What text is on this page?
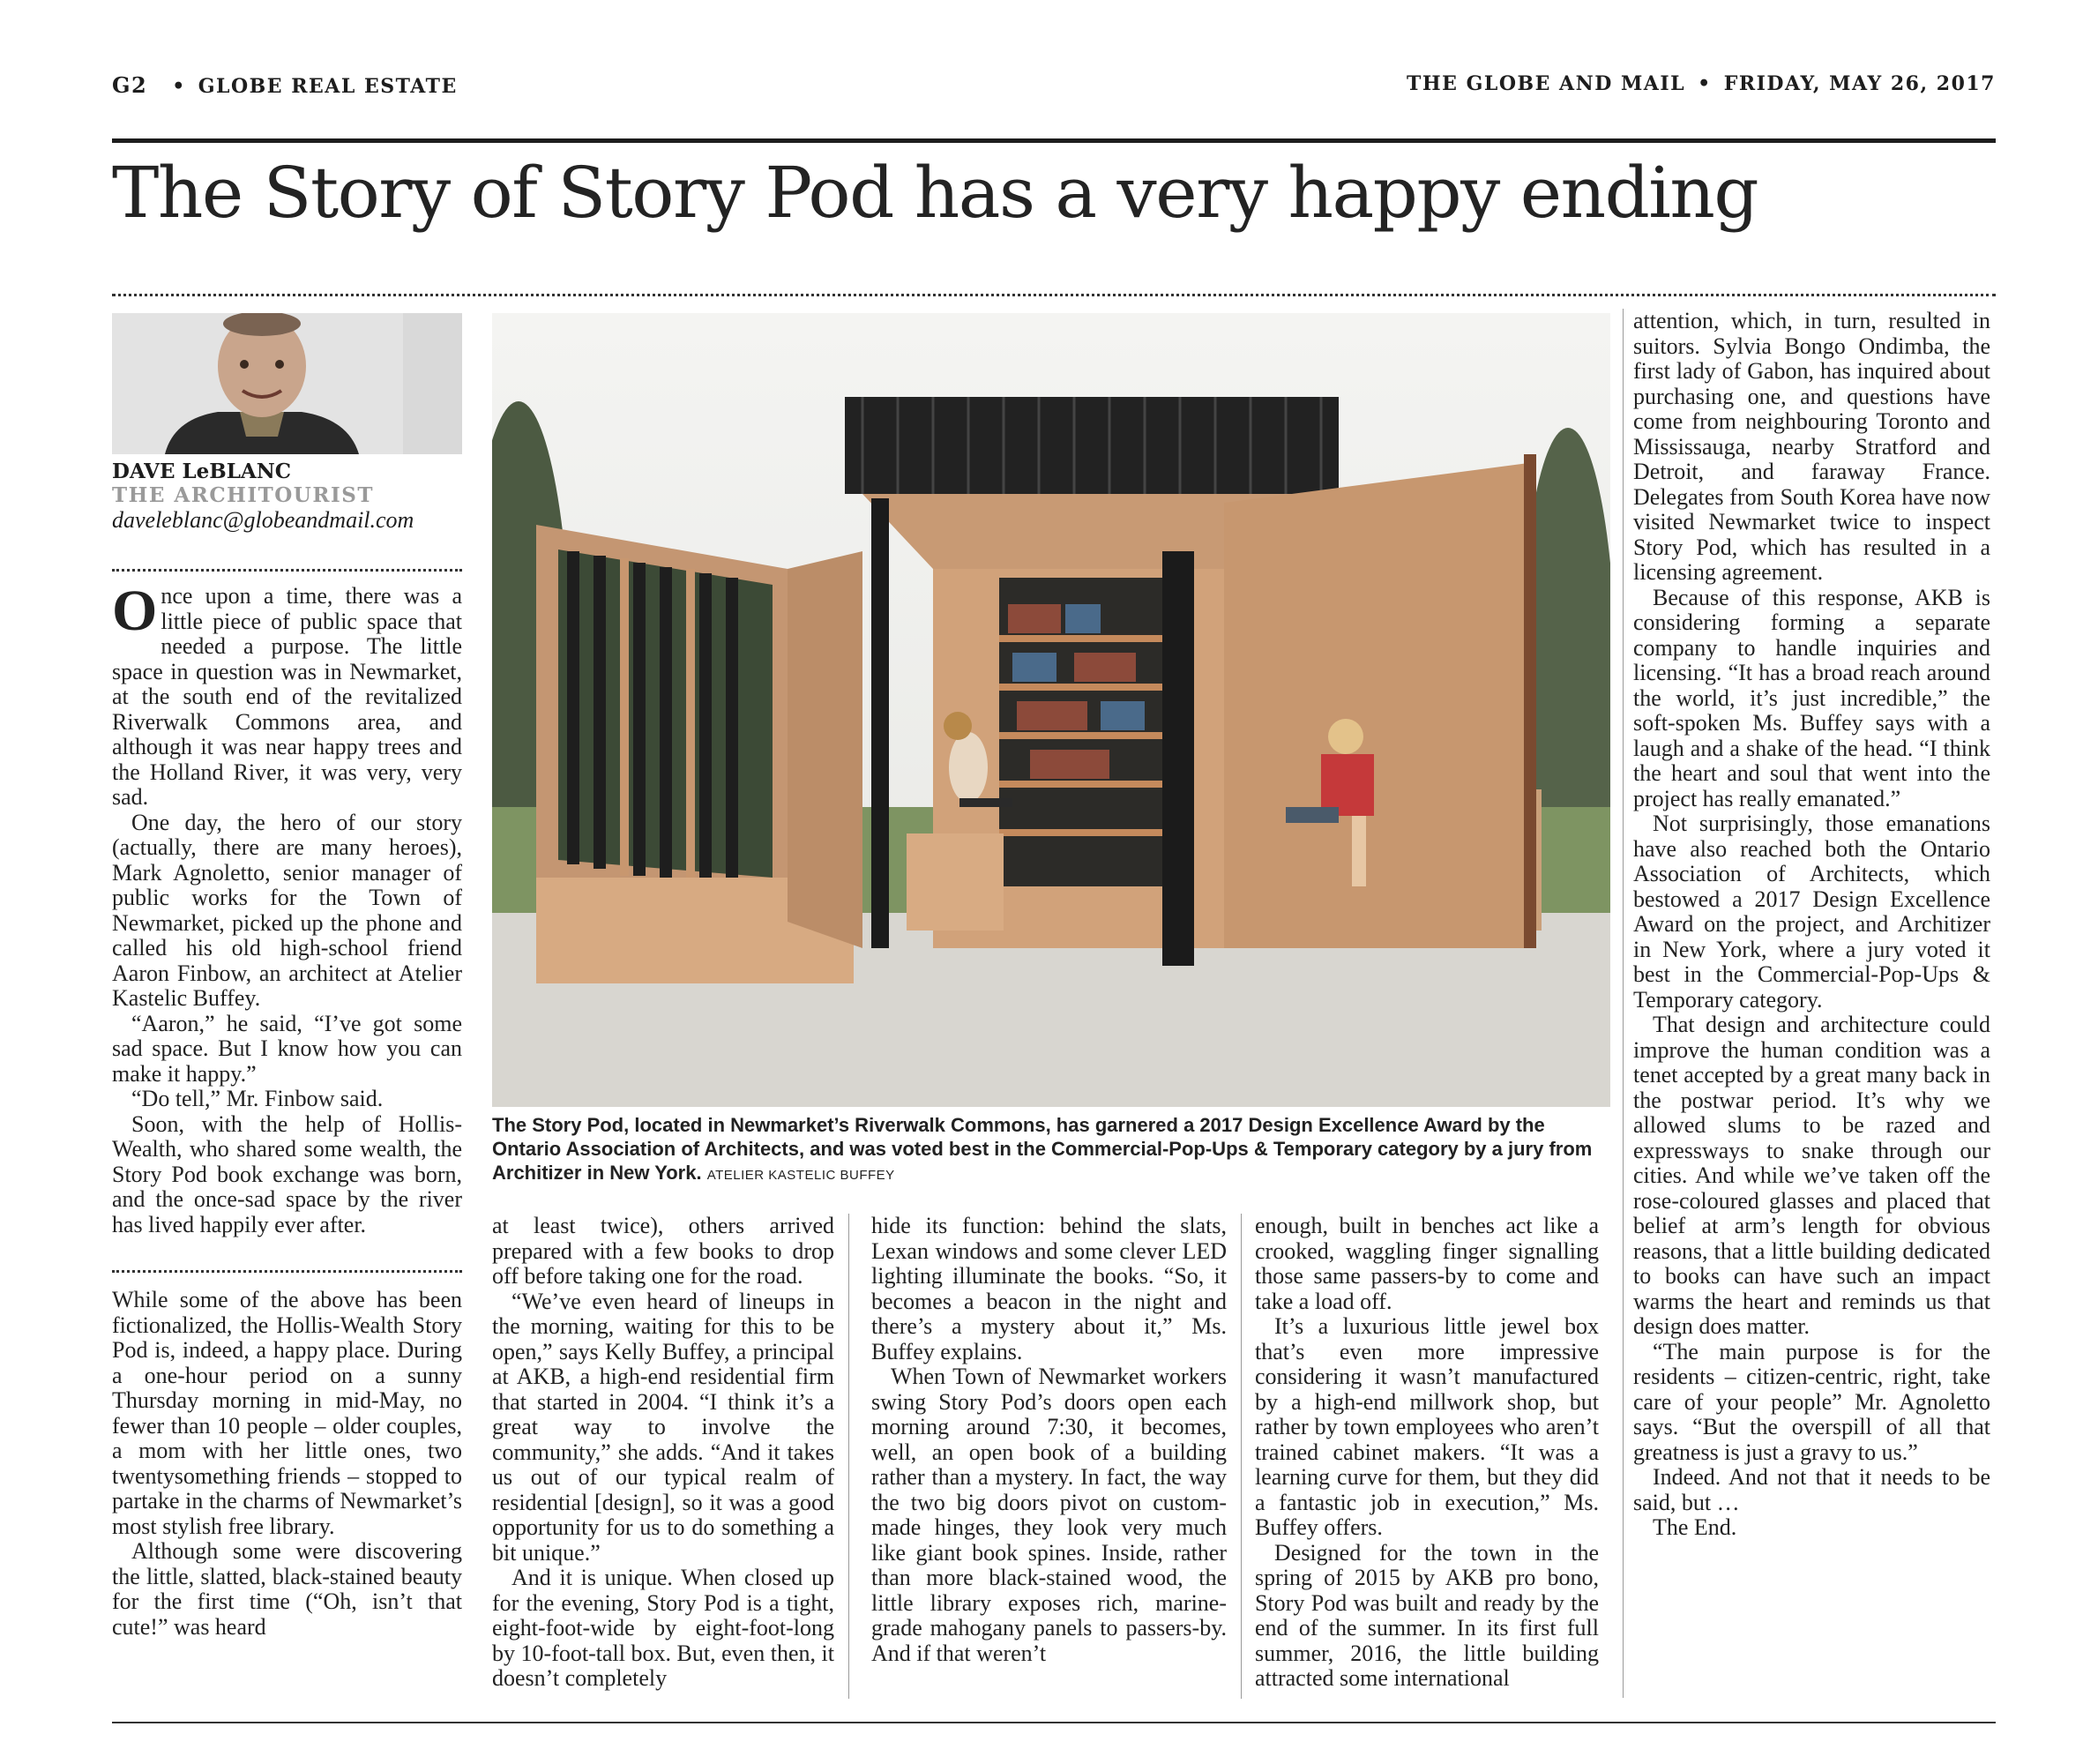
G2 • GLOBE REAL ESTATE	THE GLOBE AND MAIL • FRIDAY, MAY 26, 2017
The Story of Story Pod has a very happy ending
DAVE LeBLANC
THE ARCHITOURIST
daveleblanc@globeandmail.com

Once upon a time, there was a little piece of public space that needed a purpose. The little space in question was in Newmarket, at the south end of the revitalized Riverwalk Commons area, and although it was near happy trees and the Holland River, it was very, very sad.

One day, the hero of our story (actually, there are many heroes), Mark Agnoletto, senior manager of public works for the Town of Newmarket, picked up the phone and called his old high-school friend Aaron Finbow, an architect at Atelier Kastelic Buffey.

“Aaron,” he said, “I’ve got some sad space. But I know how you can make it happy.”

“Do tell,” Mr. Finbow said.

Soon, with the help of Hollis-Wealth, who shared some wealth, the Story Pod book exchange was born, and the once-sad space by the river has lived happily ever after.

While some of the above has been fictionalized, the Hollis-Wealth Story Pod is, indeed, a happy place. During a one-hour period on a sunny Thursday morning in mid-May, no fewer than 10 people – older couples, a mom with her little ones, two twentysomething friends – stopped to partake in the charms of Newmarket’s most stylish free library.

Although some were discovering the little, slatted, black-stained beauty for the first time (“Oh, isn’t that cute!” was heard

The Story Pod, located in Newmarket’s Riverwalk Commons, has garnered a 2017 Design Excellence Award by the Ontario Association of Architects, and was voted best in the Commercial-Pop-Ups & Temporary category by a jury from Architizer in New York. ATELIER KASTELIC BUFFEY

at least twice), others arrived prepared with a few books to drop off before taking one for the road.

“We’ve even heard of lineups in the morning, waiting for this to be open,” says Kelly Buffey, a principal at AKB, a high-end residential firm that started in 2004. “I think it’s a great way to involve the community,” she adds. “And it takes us out of our typical realm of residential [design], so it was a good opportunity for us to do something a bit unique.”

And it is unique. When closed up for the evening, Story Pod is a tight, eight-foot-wide by eight-foot-long by 10-foot-tall box. But, even then, it doesn’t completely

hide its function: behind the slats, Lexan windows and some clever LED lighting illuminate the books. “So, it becomes a beacon in the night and there’s a mystery about it,” Ms. Buffey explains.

When Town of Newmarket workers swing Story Pod’s doors open each morning around 7:30, it becomes, well, an open book of a building rather than a mystery. In fact, the way the two big doors pivot on custom-made hinges, they look very much like giant book spines. Inside, rather than more black-stained wood, the little library exposes rich, marine-grade mahogany panels to passers-by. And if that weren’t

enough, built in benches act like a crooked, waggling finger signalling those same passers-by to come and take a load off.

It’s a luxurious little jewel box that’s even more impressive considering it wasn’t manufactured by a high-end millwork shop, but rather by town employees who aren’t trained cabinet makers. “It was a learning curve for them, but they did a fantastic job in execution,” Ms. Buffey offers.

Designed for the town in the spring of 2015 by AKB pro bono, Story Pod was built and ready by the end of the summer. In its first full summer, 2016, the little building attracted some international

attention, which, in turn, resulted in suitors. Sylvia Bongo Ondimba, the first lady of Gabon, has inquired about purchasing one, and questions have come from neighbouring Toronto and Mississauga, nearby Stratford and Detroit, and faraway France. Delegates from South Korea have now visited Newmarket twice to inspect Story Pod, which has resulted in a licensing agreement.

Because of this response, AKB is considering forming a separate company to handle inquiries and licensing. “It has a broad reach around the world, it’s just incredible,” the soft-spoken Ms. Buffey says with a laugh and a shake of the head. “I think the heart and soul that went into the project has really emanated.”

Not surprisingly, those emanations have also reached both the Ontario Association of Architects, which bestowed a 2017 Design Excellence Award on the project, and Architizer in New York, where a jury voted it best in the Commercial-Pop-Ups & Temporary category.

That design and architecture could improve the human condition was a tenet accepted by a great many back in the postwar period. It’s why we allowed slums to be razed and expressways to snake through our cities. And while we’ve taken off the rose-coloured glasses and placed that belief at arm’s length for obvious reasons, that a little building dedicated to books can have such an impact warms the heart and reminds us that design does matter.

“The main purpose is for the residents – citizen-centric, right, take care of your people” Mr. Agnoletto says. “But the overspill of all that greatness is just a gravy to us.”

Indeed. And not that it needs to be said, but …

The End.
